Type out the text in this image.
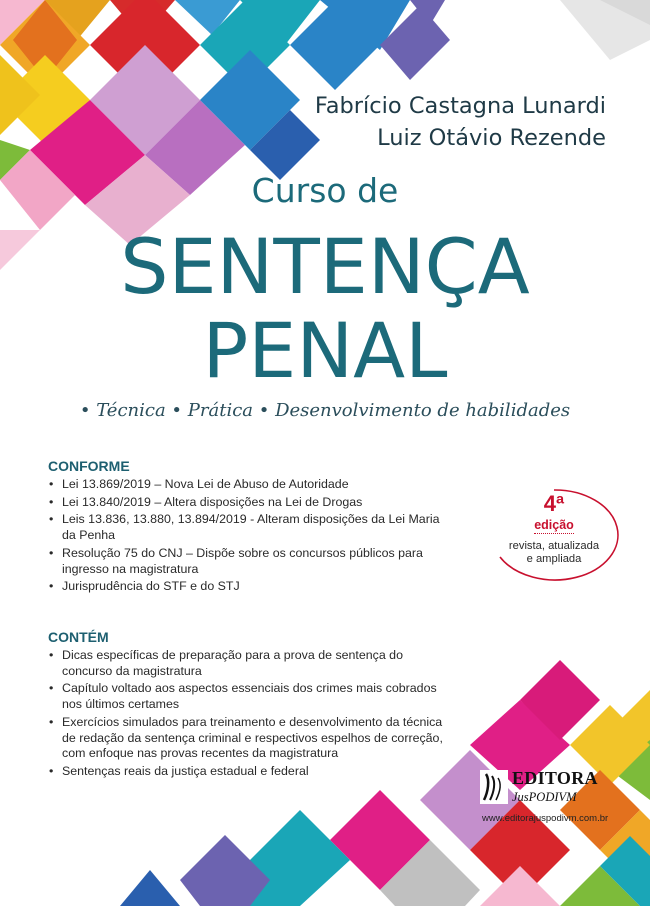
Fabrício Castagna Lunardi
Luiz Otávio Rezende
Curso de
SENTENÇA
PENAL
• Técnica • Prática • Desenvolvimento de habilidades
CONFORME
• Lei 13.869/2019 – Nova Lei de Abuso de Autoridade
• Lei 13.840/2019 – Altera disposições na Lei de Drogas
• Leis 13.836, 13.880, 13.894/2019 - Alteram disposições da Lei Maria da Penha
• Resolução 75 do CNJ – Dispõe sobre os concursos públicos para ingresso na magistratura
• Jurisprudência do STF e do STJ
CONTÉM
• Dicas específicas de preparação para a prova de sentença do concurso da magistratura
• Capítulo voltado aos aspectos essenciais dos crimes mais cobrados nos últimos certames
• Exercícios simulados para treinamento e desenvolvimento da técnica de redação da sentença criminal e respectivos espelhos de correção, com enfoque nas provas recentes da magistratura
• Sentenças reais da justiça estadual e federal
4ª
edição
revista, atualizada
e ampliada
EDITORA
JusPODIVM
www.editorajuspodivm.com.br
